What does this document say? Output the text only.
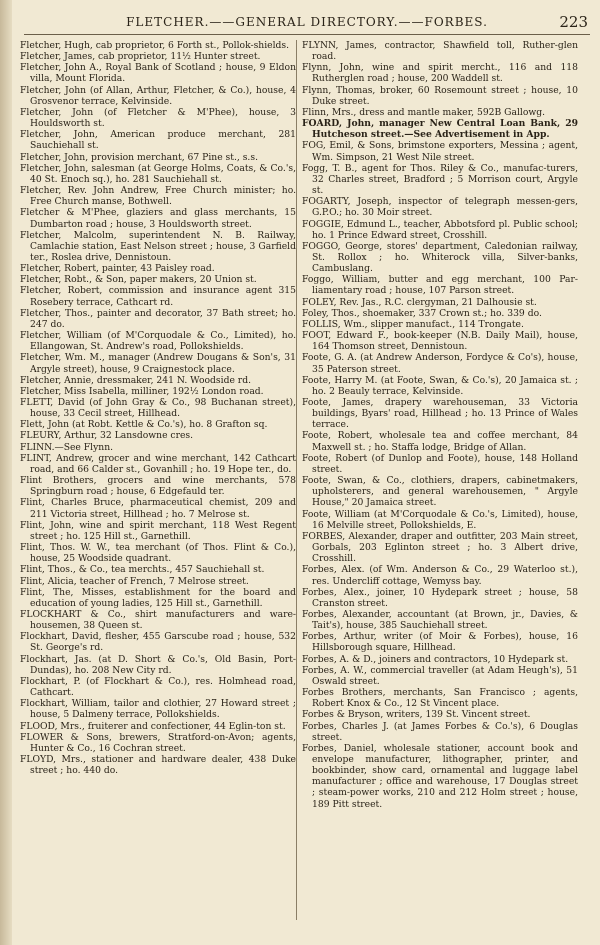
FLETCHER.——GENERAL DIRECTORY.——FORBES.	223

Fletcher, Hugh, cab proprietor, 6 Forth st., Pollok-shields.

Fletcher, James, cab proprietor, 11½ Hunter street.

Fletcher, John A., Royal Bank of Scotland ; house, 9 Eldon villa, Mount Florida.

Fletcher, John (of Allan, Arthur, Fletcher, & Co.), house, 4 Grosvenor terrace, Kelvinside.

Fletcher, John (of Fletcher & M'Phee), house, 3 Houldsworth st.

Fletcher, John, American produce merchant, 281 Sauchiehall st.

Fletcher, John, provision merchant, 67 Pine st., s.s.

Fletcher, John, salesman (at George Holms, Coats, & Co.'s, 40 St. Enoch sq.), ho. 281 Sauchiehall st.

Fletcher, Rev. John Andrew, Free Church minister; ho. Free Church manse, Bothwell.

Fletcher & M'Phee, glaziers and glass merchants, 15 Dumbarton road ; house, 3 Houldsworth street.

Fletcher, Malcolm, superintendent N. B. Railway, Camlachie station, East Nelson street ; house, 3 Garfield ter., Roslea drive, Dennistoun.

Fletcher, Robert, painter, 43 Paisley road.

Fletcher, Robt., & Son, paper makers, 20 Union st.

Fletcher, Robert, commission and insurance agent 315 Rosebery terrace, Cathcart rd.

Fletcher, Thos., painter and decorator, 37 Bath street; ho. 247 do.

Fletcher, William (of M'Corquodale & Co., Limited), ho. Ellangowan, St. Andrew's road, Pollokshields.

Fletcher, Wm. M., manager (Andrew Dougans & Son's, 31 Argyle street), house, 9 Craignestock place.

Fletcher, Annie, dressmaker, 241 N. Woodside rd.

Fletcher, Miss Isabella, milliner, 192½ London road.

FLETT, David (of John Gray & Co., 98 Buchanan street), house, 33 Cecil street, Hillhead.

Flett, John (at Robt. Kettle & Co.'s), ho. 8 Grafton sq.

FLEURY, Arthur, 32 Lansdowne cres.

FLINN.—See Flynn.

FLINT, Andrew, grocer and wine merchant, 142 Cathcart road, and 66 Calder st., Govanhill ; ho. 19 Hope ter., do.

Flint Brothers, grocers and wine merchants, 578 Springburn road ; house, 6 Edgefauld ter.

Flint, Charles Bruce, pharmaceutical chemist, 209 and 211 Victoria street, Hillhead ; ho. 7 Melrose st.

Flint, John, wine and spirit merchant, 118 West Regent street ; ho. 125 Hill st., Garnethill.

Flint, Thos. W. W., tea merchant (of Thos. Flint & Co.), house, 25 Woodside quadrant.

Flint, Thos., & Co., tea merchts., 457 Sauchiehall st.

Flint, Alicia, teacher of French, 7 Melrose street.

Flint, The, Misses, establishment for the board and education of young ladies, 125 Hill st., Garnethill.

FLOCKHART & Co., shirt manufacturers and ware-housemen, 38 Queen st.

Flockhart, David, flesher, 455 Garscube road ; house, 532 St. George's rd.

Flockhart, Jas. (at D. Short & Co.'s, Old Basin, Port-Dundas), ho. 208 New City rd.

Flockhart, P. (of Flockhart & Co.), res. Holmhead road, Cathcart.

Flockhart, William, tailor and clothier, 27 Howard street ; house, 5 Dalmeny terrace, Pollokshields.

FLOOD, Mrs., fruiterer and confectioner, 44 Eglin-ton st.

FLOWER & Sons, brewers, Stratford-on-Avon; agents, Hunter & Co., 16 Cochran street.

FLOYD, Mrs., stationer and hardware dealer, 438 Duke street ; ho. 440 do.

FLYNN, James, contractor, Shawfield toll, Ruther-glen road.

Flynn, John, wine and spirit mercht., 116 and 118 Rutherglen road ; house, 200 Waddell st.

Flynn, Thomas, broker, 60 Rosemount street ; house, 10 Duke street.

Flinn, Mrs., dress and mantle maker, 592B Gallowg.

FOARD, John, manager New Central Loan Bank, 29 Hutcheson street.—See Advertisement in App.

FOG, Emil, & Sons, brimstone exporters, Messina ; agent, Wm. Simpson, 21 West Nile street.

Fogg, T. B., agent for Thos. Riley & Co., manufac-turers, 32 Charles street, Bradford ; 5 Morrison court, Argyle st.

FOGARTY, Joseph, inspector of telegraph messen-gers, G.P.O.; ho. 30 Moir street.

FOGGIE, Edmund L., teacher, Abbotsford pl. Public school; ho. 1 Prince Edward street, Crosshill.

FOGGO, George, stores' department, Caledonian railway, St. Rollox ; ho. Whiterock villa, Silver-banks, Cambuslang.

Foggo, William, butter and egg merchant, 100 Par-liamentary road ; house, 107 Parson street.

FOLEY, Rev. Jas., R.C. clergyman, 21 Dalhousie st.

Foley, Thos., shoemaker, 337 Crown st.; ho. 339 do.

FOLLIS, Wm., slipper manufact., 114 Trongate.

FOOT, Edward F., book-keeper (N.B. Daily Mail), house, 164 Thomson street, Dennistoun.

Foote, G. A. (at Andrew Anderson, Fordyce & Co's), house, 35 Paterson street.

Foote, Harry M. (at Foote, Swan, & Co.'s), 20 Jamaica st. ; ho. 2 Beauly terrace, Kelvinside.

Foote, James, drapery warehouseman, 33 Victoria buildings, Byars' road, Hillhead ; ho. 13 Prince of Wales terrace.

Foote, Robert, wholesale tea and coffee merchant, 84 Maxwell st. ; ho. Staffa lodge, Bridge of Allan.

Foote, Robert (of Dunlop and Foote), house, 148 Holland street.

Foote, Swan, & Co., clothiers, drapers, cabinetmakers, upholsterers, and general warehousemen, " Argyle House," 20 Jamaica street.

Foote, William (at M'Corquodale & Co.'s, Limited), house, 16 Melville street, Pollokshields, E.

FORBES, Alexander, draper and outfitter, 203 Main street, Gorbals, 203 Eglinton street ; ho. 3 Albert drive, Crosshill.

Forbes, Alex. (of Wm. Anderson & Co., 29 Waterloo st.), res. Undercliff cottage, Wemyss bay.

Forbes, Alex., joiner, 10 Hydepark street ; house, 58 Cranston street.

Forbes, Alexander, accountant (at Brown, jr., Davies, & Tait's), house, 385 Sauchiehall street.

Forbes, Arthur, writer (of Moir & Forbes), house, 16 Hillsborough square, Hillhead.

Forbes, A. & D., joiners and contractors, 10 Hydepark st.

Forbes, A. W., commercial traveller (at Adam Heugh's), 51 Oswald street.

Forbes Brothers, merchants, San Francisco ; agents, Robert Knox & Co., 12 St Vincent place.

Forbes & Bryson, writers, 139 St. Vincent street.

Forbes, Charles J. (at James Forbes & Co.'s), 6 Douglas street.

Forbes, Daniel, wholesale stationer, account book and envelope manufacturer, lithographer, printer, and bookbinder, show card, ornamental and luggage label manufacturer ; office and warehouse, 17 Douglas street ; steam-power works, 210 and 212 Holm street ; house, 189 Pitt street.
